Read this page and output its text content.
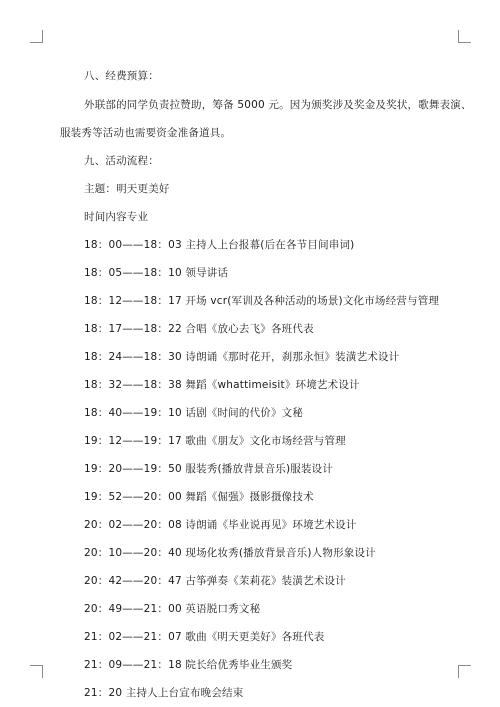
八、经费预算：
外联部的同学负责拉赞助，筹备 5000 元。因为颁奖涉及奖金及奖状，歌舞表演、
服装秀等活动也需要资金准备道具。
九、活动流程：
主题：明天更美好
时间内容专业
18：00——18：03 主持人上台报幕(后在各节目间串词)
18：05——18：10 领导讲话
18：12——18：17 开场 vcr(军训及各种活动的场景)文化市场经营与管理
18：17——18：22 合唱《放心去飞》各班代表
18：24——18：30 诗朗诵《那时花开，刹那永恒》装潢艺术设计
18：32——18：38 舞蹈《whattimeisit》环境艺术设计
18：40——19：10 话剧《时间的代价》文秘
19：12——19：17 歌曲《朋友》文化市场经营与管理
19：20——19：50 服装秀(播放背景音乐)服装设计
19：52——20：00 舞蹈《倔强》摄影摄像技术
20：02——20：08 诗朗诵《毕业说再见》环境艺术设计
20：10——20：40 现场化妆秀(播放背景音乐)人物形象设计
20：42——20：47 古筝弹奏《茉莉花》装潢艺术设计
20：49——21：00 英语脱口秀文秘
21：02——21：07 歌曲《明天更美好》各班代表
21：09——21：18 院长给优秀毕业生颁奖
21：20 主持人上台宣布晚会结束
